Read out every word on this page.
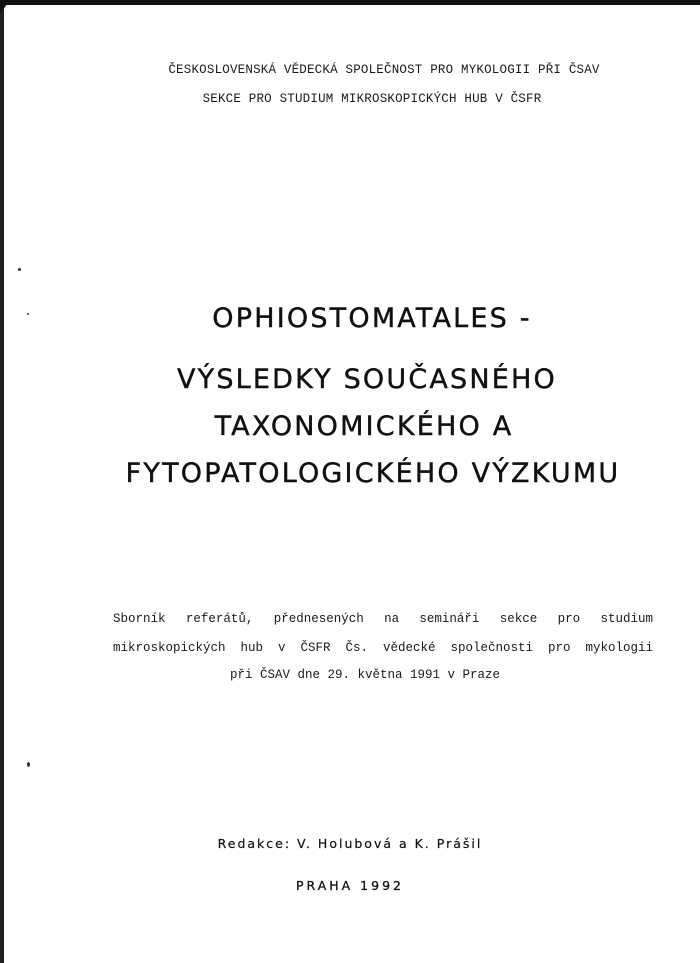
ČESKOSLOVENSKÁ VĚDECKÁ SPOLEČNOST PRO MYKOLOGII PŘI ČSAV
SEKCE PRO STUDIUM MIKROSKOPICKÝCH HUB V ČSFR
OPHIOSTOMATALES -
VÝSLEDKY SOUČASNÉHO
TAXONOMICKÉHO A
FYTOPATOLOGICKÉHO VÝZKUMU
Sborník referátů, přednesených na semináři sekce pro studium
mikroskopických hub v ČSFR Čs. vědecké společnosti pro mykologii
při ČSAV dne 29. května 1991 v Praze
Redakce: V. Holubová a K. Prášil
PRAHA 1992
